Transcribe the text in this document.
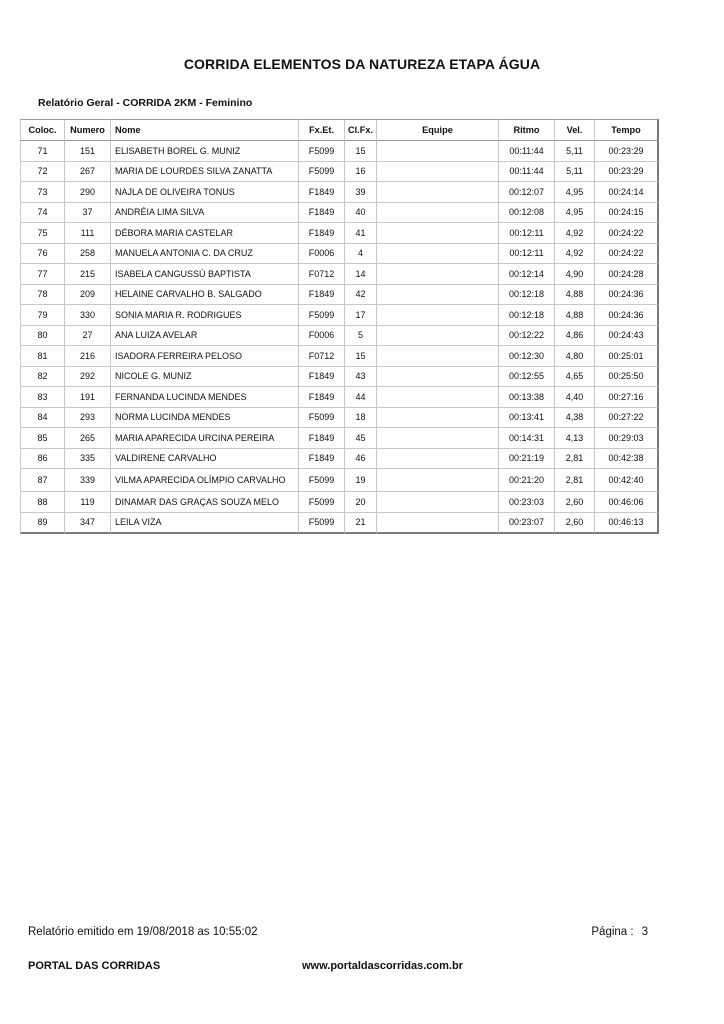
CORRIDA ELEMENTOS DA NATUREZA ETAPA ÁGUA
Relatório Geral - CORRIDA 2KM - Feminino
Coloc.	Numero	Nome	Fx.Et.	Cl.Fx.	Equipe	Ritmo	Vel.	Tempo
71	151	ELISABETH BOREL G. MUNIZ	F5099	15		00:11:44	5,11	00:23:29
72	267	MARIA DE LOURDES SILVA ZANATTA	F5099	16		00:11:44	5,11	00:23:29
73	290	NAJLA DE OLIVEIRA TONUS	F1849	39		00:12:07	4,95	00:24:14
74	37	ANDRÉIA LIMA SILVA	F1849	40		00:12:08	4,95	00:24:15
75	111	DÉBORA MARIA CASTELAR	F1849	41		00:12:11	4,92	00:24:22
76	258	MANUELA ANTONIA C. DA CRUZ	F0006	4		00:12:11	4,92	00:24:22
77	215	ISABELA CANGUSSÚ BAPTISTA	F0712	14		00:12:14	4,90	00:24:28
78	209	HELAINE CARVALHO B. SALGADO	F1849	42		00:12:18	4,88	00:24:36
79	330	SONIA MARIA R. RODRIGUES	F5099	17		00:12:18	4,88	00:24:36
80	27	ANA LUIZA AVELAR	F0006	5		00:12:22	4,86	00:24:43
81	216	ISADORA FERREIRA PELOSO	F0712	15		00:12:30	4,80	00:25:01
82	292	NICOLE G. MUNIZ	F1849	43		00:12:55	4,65	00:25:50
83	191	FERNANDA LUCINDA MENDES	F1849	44		00:13:38	4,40	00:27:16
84	293	NORMA LUCINDA MENDES	F5099	18		00:13:41	4,38	00:27:22
85	265	MARIA APARECIDA URCINA PEREIRA	F1849	45		00:14:31	4,13	00:29:03
86	335	VALDIRENE CARVALHO	F1849	46		00:21:19	2,81	00:42:38
87	339	VILMA APARECIDA OLÍMPIO CARVALHO	F5099	19		00:21:20	2,81	00:42:40
88	119	DINAMAR DAS GRAÇAS SOUZA MELO	F5099	20		00:23:03	2,60	00:46:06
89	347	LEILA VIZA	F5099	21		00:23:07	2,60	00:46:13
Relatório emitido em 19/08/2018 as 10:55:02	Página : 3
PORTAL DAS CORRIDAS	www.portaldascorridas.com.br
